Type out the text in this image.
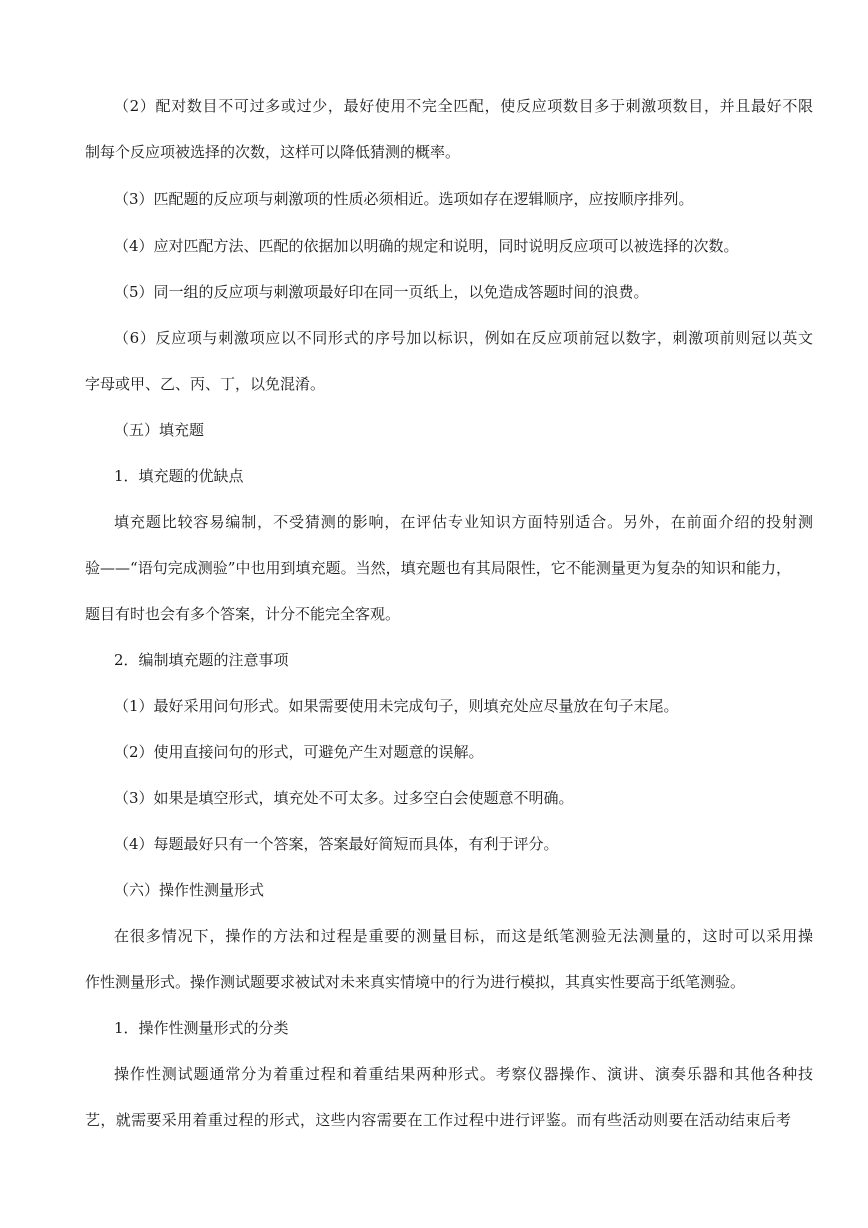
（2）配对数目不可过多或过少，最好使用不完全匹配，使反应项数目多于刺激项数目，并且最好不限

制每个反应项被选择的次数，这样可以降低猜测的概率。

（3）匹配题的反应项与刺激项的性质必须相近。选项如存在逻辑顺序，应按顺序排列。

（4）应对匹配方法、匹配的依据加以明确的规定和说明，同时说明反应项可以被选择的次数。

（5）同一组的反应项与刺激项最好印在同一页纸上，以免造成答题时间的浪费。

（6）反应项与刺激项应以不同形式的序号加以标识，例如在反应项前冠以数字，刺激项前则冠以英文

字母或甲、乙、丙、丁，以免混淆。

（五）填充题

1．填充题的优缺点

填充题比较容易编制，不受猜测的影响，在评估专业知识方面特别适合。另外，在前面介绍的投射测

验——“语句完成测验”中也用到填充题。当然，填充题也有其局限性，它不能测量更为复杂的知识和能力，

题目有时也会有多个答案，计分不能完全客观。

2．编制填充题的注意事项

（1）最好采用问句形式。如果需要使用未完成句子，则填充处应尽量放在句子末尾。

（2）使用直接问句的形式，可避免产生对题意的误解。

（3）如果是填空形式，填充处不可太多。过多空白会使题意不明确。

（4）每题最好只有一个答案，答案最好简短而具体，有利于评分。

（六）操作性测量形式

在很多情况下，操作的方法和过程是重要的测量目标，而这是纸笔测验无法测量的，这时可以采用操

作性测量形式。操作测试题要求被试对未来真实情境中的行为进行模拟，其真实性要高于纸笔测验。

1．操作性测量形式的分类

操作性测试题通常分为着重过程和着重结果两种形式。考察仪器操作、演讲、演奏乐器和其他各种技

艺，就需要采用着重过程的形式，这些内容需要在工作过程中进行评鉴。而有些活动则要在活动结束后考
